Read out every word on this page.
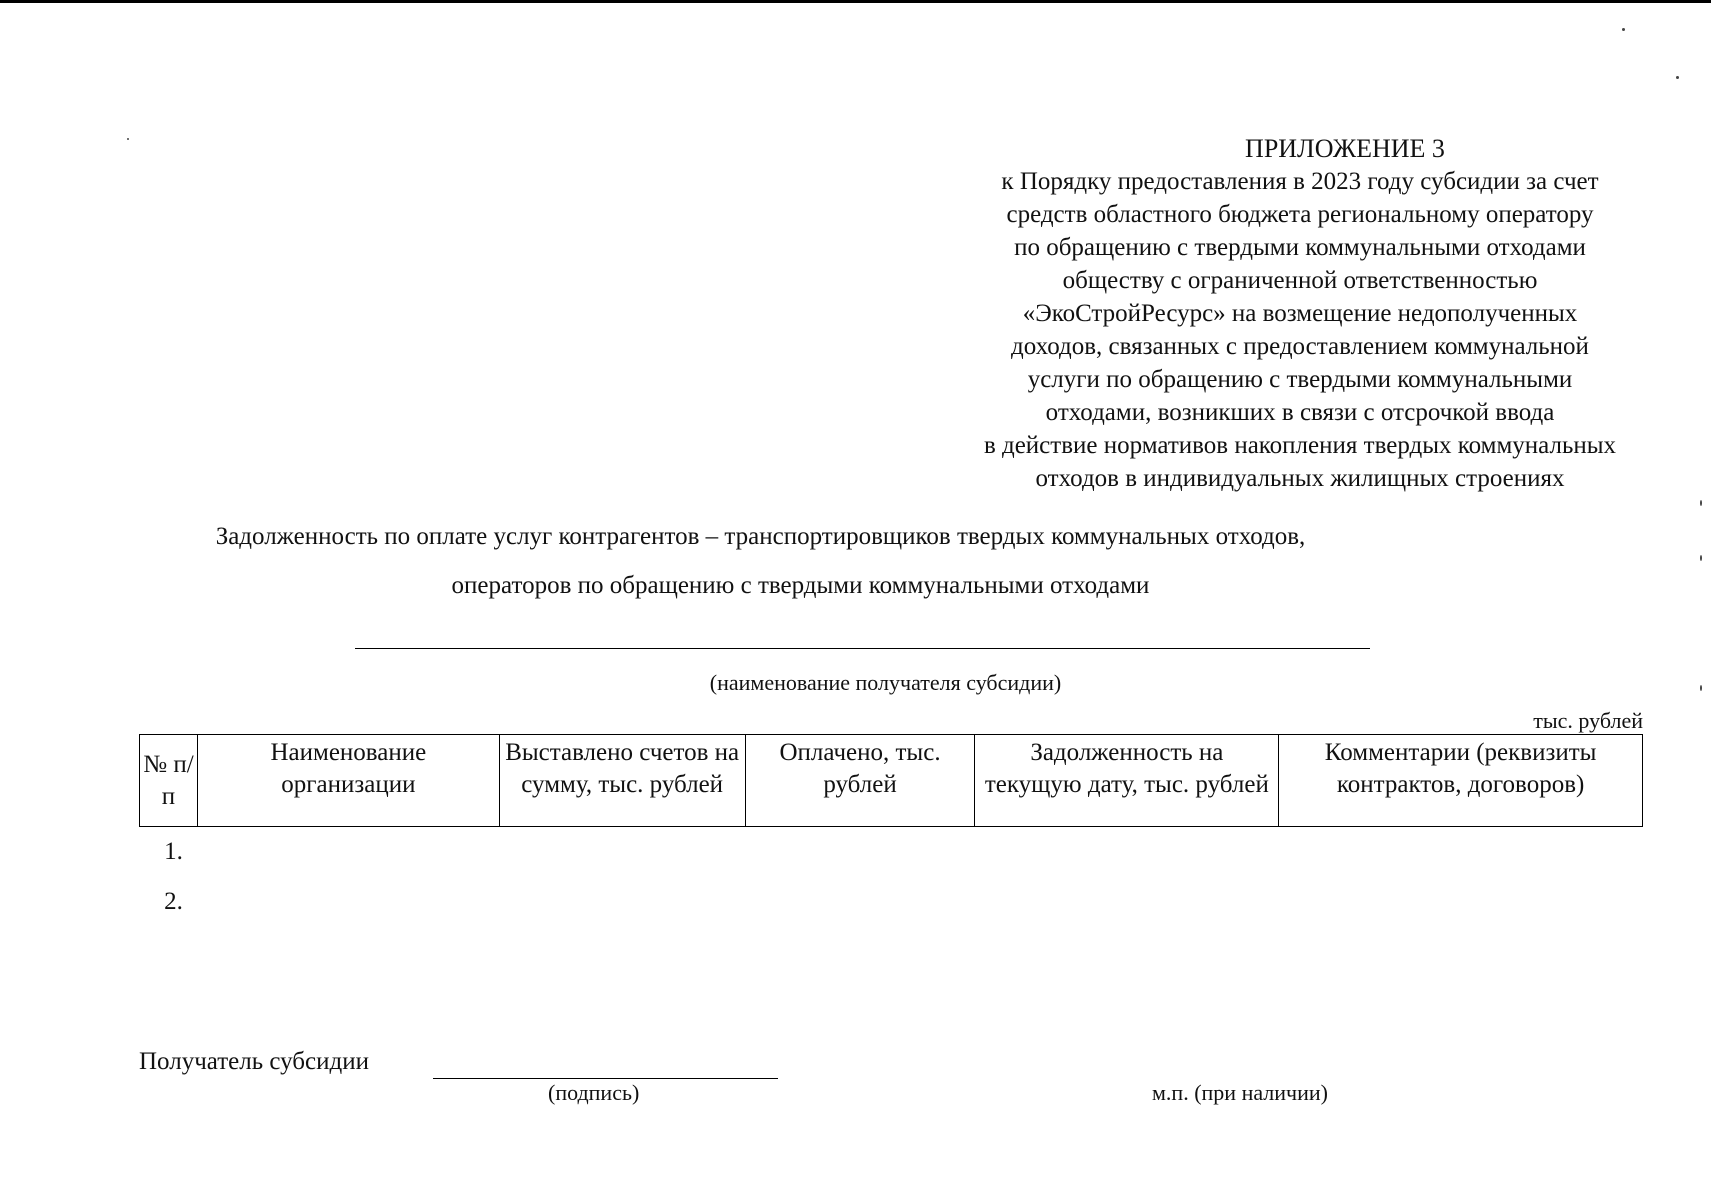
ПРИЛОЖЕНИЕ 3
к Порядку предоставления в 2023 году субсидии за счет
средств областного бюджета региональному оператору
по обращению с твердыми коммунальными отходами
обществу с ограниченной ответственностью
«ЭкоСтройРесурс» на возмещение недополученных
доходов, связанных с предоставлением коммунальной
услуги по обращению с твердыми коммунальными
отходами, возникших в связи с отсрочкой ввода
в действие нормативов накопления твердых коммунальных
отходов в индивидуальных жилищных строениях
Задолженность по оплате услуг контрагентов – транспортировщиков твердых коммунальных отходов,
операторов по обращению с твердыми коммунальными отходами
(наименование получателя субсидии)
тыс. рублей
№ п/п	Наименование организации	Выставлено счетов на сумму, тыс. рублей	Оплачено, тыс. рублей	Задолженность на текущую дату, тыс. рублей	Комментарии (реквизиты контрактов, договоров)
1.					
2.					
Получатель субсидии
(подпись)	м.п. (при наличии)
